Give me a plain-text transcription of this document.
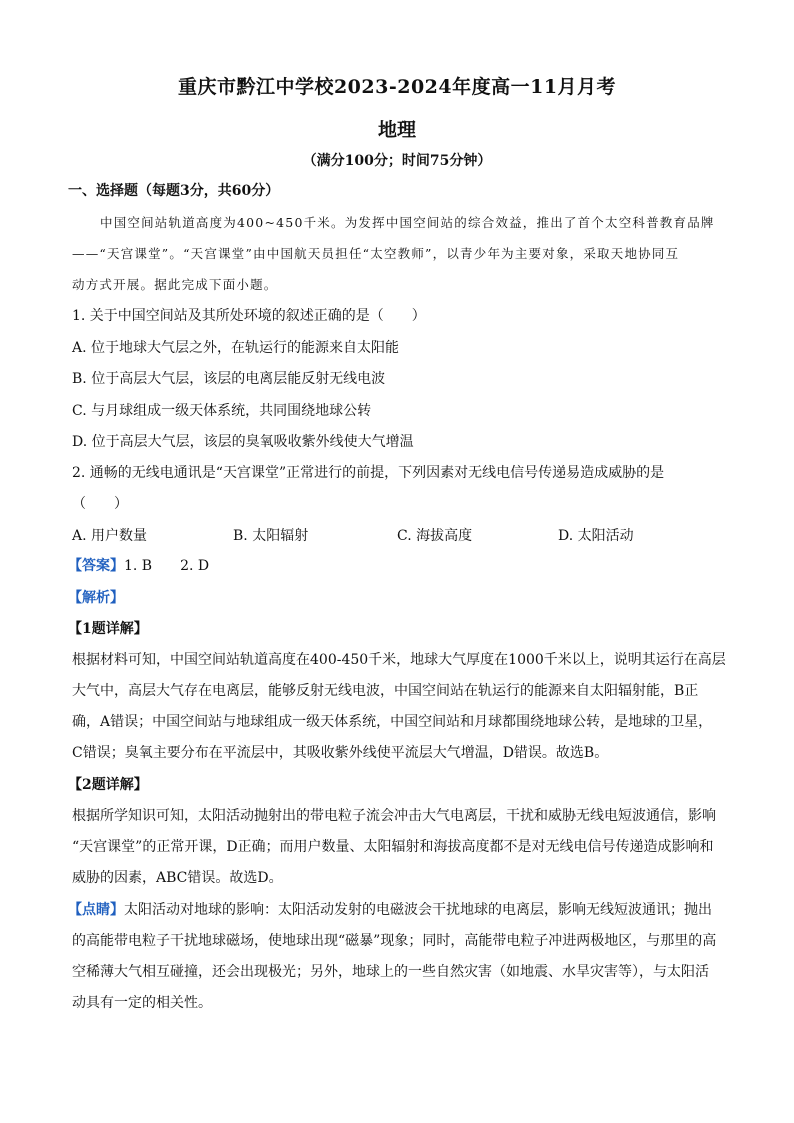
重庆市黔江中学校2023-2024年度高一11月月考
地理
（满分100分；时间75分钟）
一、选择题（每题3分，共60分）
中国空间站轨道高度为400~450千米。为发挥中国空间站的综合效益，推出了首个太空科普教育品牌
——“天宫课堂”。“天宫课堂”由中国航天员担任“太空教师”，以青少年为主要对象，采取天地协同互
动方式开展。据此完成下面小题。
1. 关于中国空间站及其所处环境的叙述正确的是（　　）
A. 位于地球大气层之外，在轨运行的能源来自太阳能
B. 位于高层大气层，该层的电离层能反射无线电波
C. 与月球组成一级天体系统，共同围绕地球公转
D. 位于高层大气层，该层的臭氧吸收紫外线使大气增温
2. 通畅的无线电通讯是“天宫课堂”正常进行的前提，下列因素对无线电信号传递易造成威胁的是
（　　）
A. 用户数量	B. 太阳辐射	C. 海拔高度	D. 太阳活动
【答案】1. B　　2. D
【解析】
【1题详解】
根据材料可知，中国空间站轨道高度在400-450千米，地球大气厚度在1000千米以上，说明其运行在高层
大气中，高层大气存在电离层，能够反射无线电波，中国空间站在轨运行的能源来自太阳辐射能，B正
确，A错误；中国空间站与地球组成一级天体系统，中国空间站和月球都围绕地球公转，是地球的卫星，
C错误；臭氧主要分布在平流层中，其吸收紫外线使平流层大气增温，D错误。故选B。
【2题详解】
根据所学知识可知，太阳活动抛射出的带电粒子流会冲击大气电离层，干扰和威胁无线电短波通信，影响
“天宫课堂”的正常开课，D正确；而用户数量、太阳辐射和海拔高度都不是对无线电信号传递造成影响和
威胁的因素，ABC错误。故选D。
【点睛】太阳活动对地球的影响：太阳活动发射的电磁波会干扰地球的电离层，影响无线短波通讯；抛出
的高能带电粒子干扰地球磁场，使地球出现“磁暴”现象；同时，高能带电粒子冲进两极地区，与那里的高
空稀薄大气相互碰撞，还会出现极光；另外，地球上的一些自然灾害（如地震、水旱灾害等），与太阳活
动具有一定的相关性。
